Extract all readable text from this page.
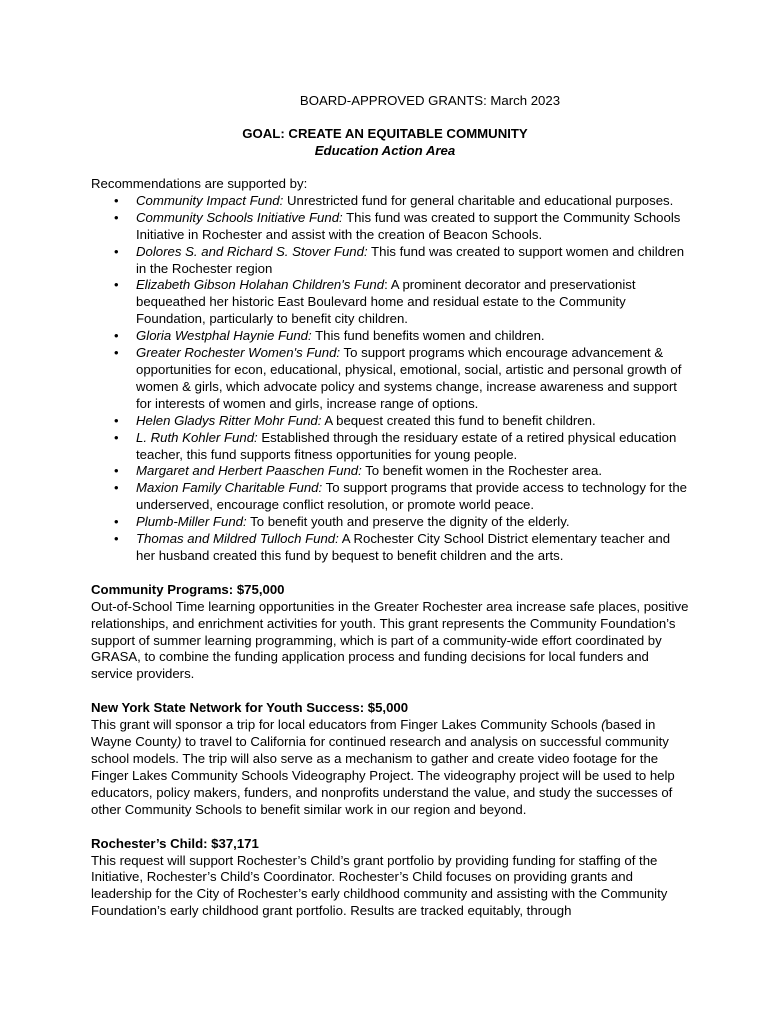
BOARD-APPROVED GRANTS: March 2023
GOAL: CREATE AN EQUITABLE COMMUNITY
Education Action Area

Recommendations are supported by:

• Community Impact Fund: Unrestricted fund for general charitable and educational purposes.
• Community Schools Initiative Fund: This fund was created to support the Community Schools Initiative in Rochester and assist with the creation of Beacon Schools.
• Dolores S. and Richard S. Stover Fund: This fund was created to support women and children in the Rochester region
• Elizabeth Gibson Holahan Children's Fund: A prominent decorator and preservationist bequeathed her historic East Boulevard home and residual estate to the Community Foundation, particularly to benefit city children.
• Gloria Westphal Haynie Fund: This fund benefits women and children.
• Greater Rochester Women's Fund: To support programs which encourage advancement & opportunities for econ, educational, physical, emotional, social, artistic and personal growth of women & girls, which advocate policy and systems change, increase awareness and support for interests of women and girls, increase range of options.
• Helen Gladys Ritter Mohr Fund: A bequest created this fund to benefit children.
• L. Ruth Kohler Fund: Established through the residuary estate of a retired physical education teacher, this fund supports fitness opportunities for young people.
• Margaret and Herbert Paaschen Fund: To benefit women in the Rochester area.
• Maxion Family Charitable Fund: To support programs that provide access to technology for the underserved, encourage conflict resolution, or promote world peace.
• Plumb-Miller Fund: To benefit youth and preserve the dignity of the elderly.
• Thomas and Mildred Tulloch Fund: A Rochester City School District elementary teacher and her husband created this fund by bequest to benefit children and the arts.
Community Programs: $75,000

Out-of-School Time learning opportunities in the Greater Rochester area increase safe places, positive relationships, and enrichment activities for youth. This grant represents the Community Foundation’s support of summer learning programming, which is part of a community-wide effort coordinated by GRASA, to combine the funding application process and funding decisions for local funders and service providers.

New York State Network for Youth Success: $5,000

This grant will sponsor a trip for local educators from Finger Lakes Community Schools (based in Wayne County) to travel to California for continued research and analysis on successful community school models. The trip will also serve as a mechanism to gather and create video footage for the Finger Lakes Community Schools Videography Project. The videography project will be used to help educators, policy makers, funders, and nonprofits understand the value, and study the successes of other Community Schools to benefit similar work in our region and beyond.

Rochester’s Child: $37,171

This request will support Rochester’s Child’s grant portfolio by providing funding for staffing of the Initiative, Rochester’s Child’s Coordinator. Rochester’s Child focuses on providing grants and leadership for the City of Rochester’s early childhood community and assisting with the Community Foundation’s early childhood grant portfolio. Results are tracked equitably, through
